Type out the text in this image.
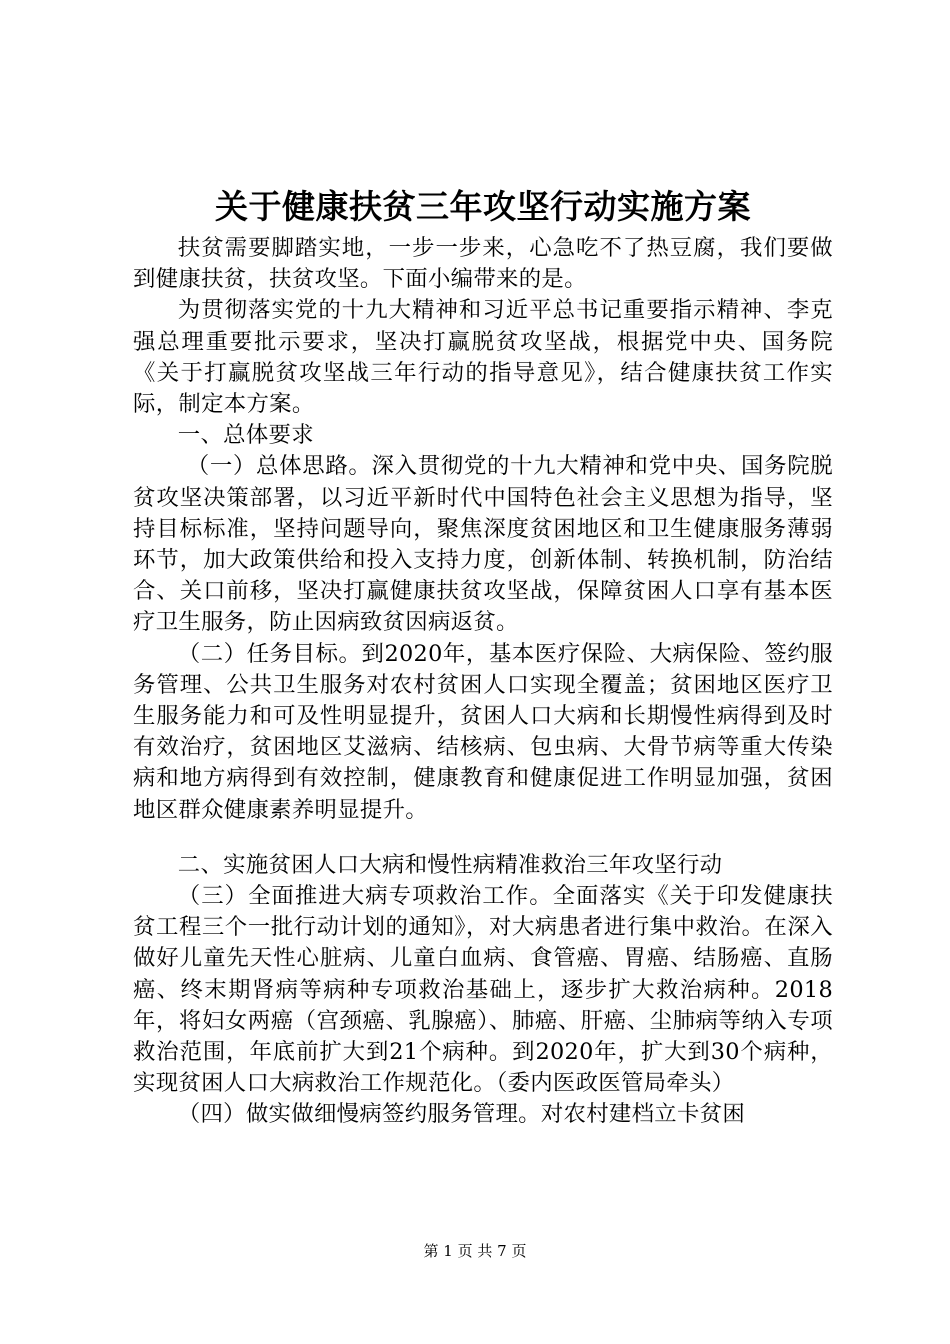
关于健康扶贫三年攻坚行动实施方案

扶贫需要脚踏实地，一步一步来，心急吃不了热豆腐，我们要做到健康扶贫，扶贫攻坚。下面小编带来的是。

为贯彻落实党的十九大精神和习近平总书记重要指示精神、李克强总理重要批示要求，坚决打赢脱贫攻坚战，根据党中央、国务院《关于打赢脱贫攻坚战三年行动的指导意见》，结合健康扶贫工作实际，制定本方案。

一、总体要求

（一）总体思路。深入贯彻党的十九大精神和党中央、国务院脱贫攻坚决策部署，以习近平新时代中国特色社会主义思想为指导，坚持目标标准，坚持问题导向，聚焦深度贫困地区和卫生健康服务薄弱环节，加大政策供给和投入支持力度，创新体制、转换机制，防治结合、关口前移，坚决打赢健康扶贫攻坚战，保障贫困人口享有基本医疗卫生服务，防止因病致贫因病返贫。

（二）任务目标。到2020年，基本医疗保险、大病保险、签约服务管理、公共卫生服务对农村贫困人口实现全覆盖；贫困地区医疗卫生服务能力和可及性明显提升，贫困人口大病和长期慢性病得到及时有效治疗，贫困地区艾滋病、结核病、包虫病、大骨节病等重大传染病和地方病得到有效控制，健康教育和健康促进工作明显加强，贫困地区群众健康素养明显提升。

二、实施贫困人口大病和慢性病精准救治三年攻坚行动

（三）全面推进大病专项救治工作。全面落实《关于印发健康扶贫工程三个一批行动计划的通知》，对大病患者进行集中救治。在深入做好儿童先天性心脏病、儿童白血病、食管癌、胃癌、结肠癌、直肠癌、终末期肾病等病种专项救治基础上，逐步扩大救治病种。2018年，将妇女两癌（宫颈癌、乳腺癌）、肺癌、肝癌、尘肺病等纳入专项救治范围，年底前扩大到21个病种。到2020年，扩大到30个病种，实现贫困人口大病救治工作规范化。（委内医政医管局牵头）

（四）做实做细慢病签约服务管理。对农村建档立卡贫困

第 1 页 共 7 页
